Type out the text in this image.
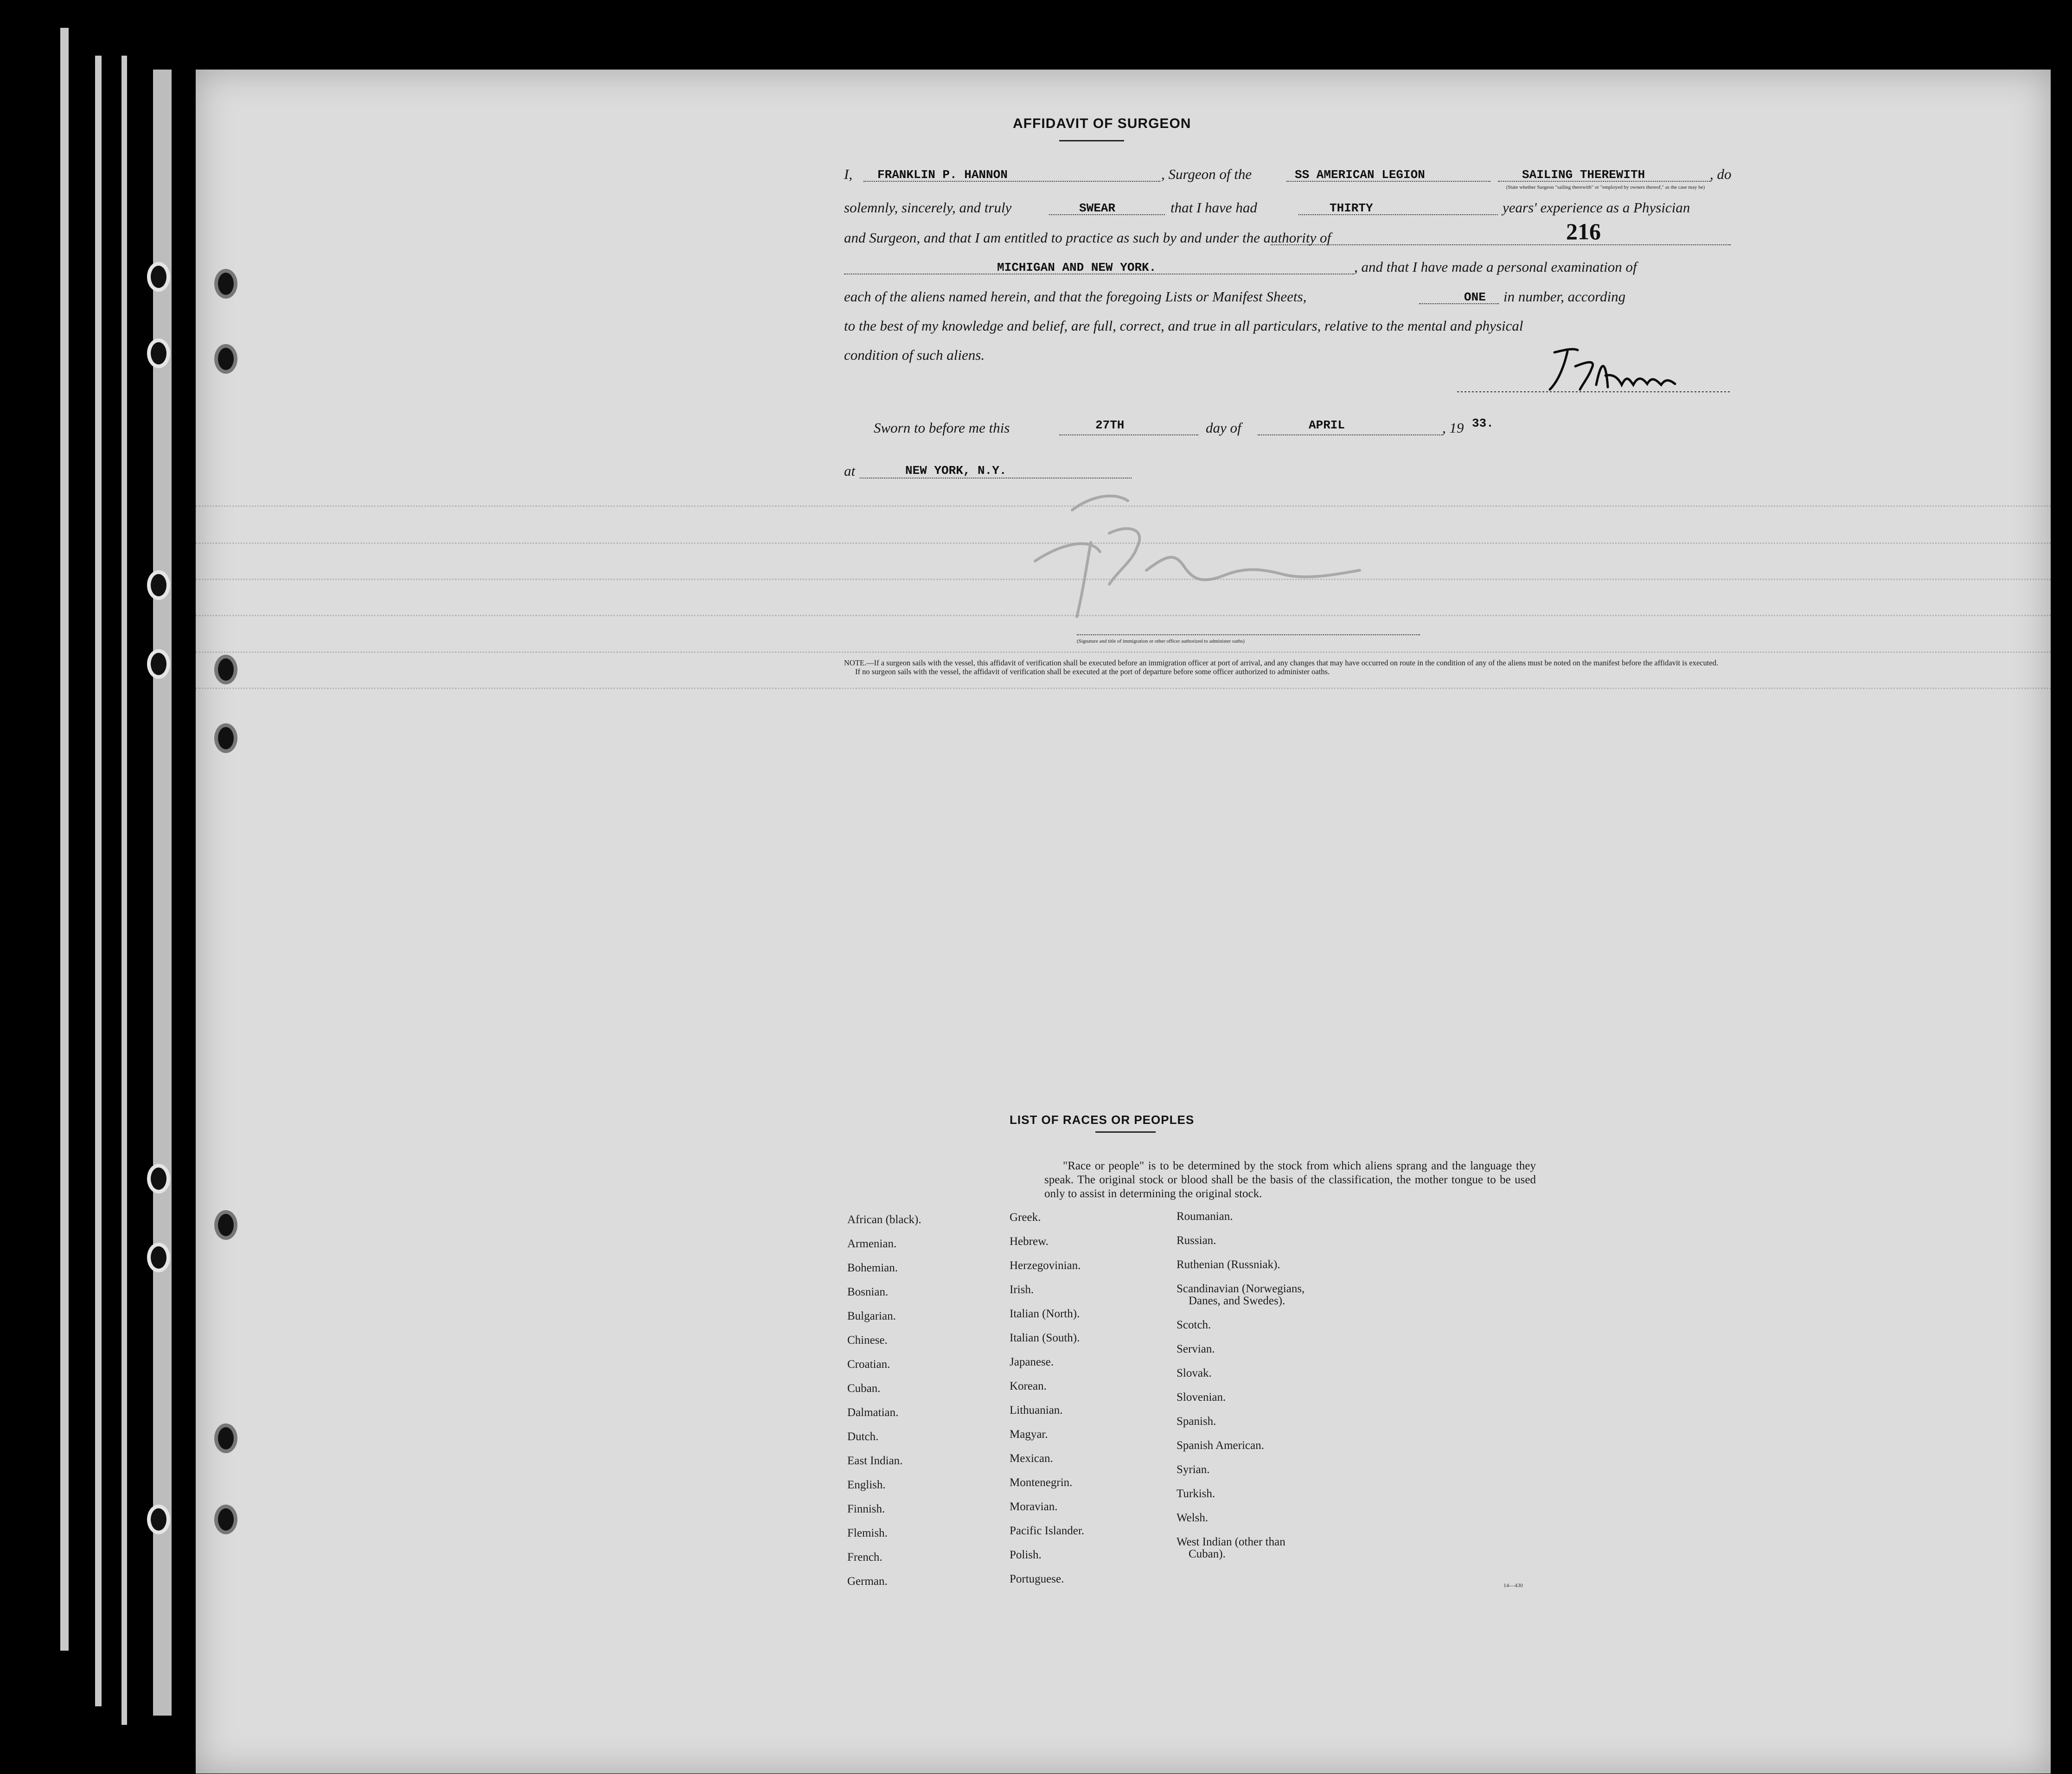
216
AFFIDAVIT OF SURGEON
I, FRANKLIN P. HANNON	, Surgeon of the	SS AMERICAN LEGION	SAILING THEREWITH	, do
(State whether Surgeon "sailing therewith" or "employed by owners thereof," as the case may be)
solemnly, sincerely, and truly	SWEAR	that I have had	THIRTY	years' experience as a Physician
and Surgeon, and that I am entitled to practice as such by and under the authority of
MICHIGAN AND NEW YORK.	, and that I have made a personal examination of
each of the aliens named herein, and that the foregoing Lists or Manifest Sheets,	ONE in number, according
to the best of my knowledge and belief, are full, correct, and true in all particulars, relative to the mental and physical
condition of such aliens.
Sworn to before me this	27TH	day of	APRIL	, 19 33.
at	NEW YORK, N.Y.
(Signature and title of immigration or other officer authorized to administer oaths)

NOTE.—If a surgeon sails with the vessel, this affidavit of verification shall be executed before an immigration officer at port of arrival, and any changes that may have occurred on route in the condition of any of the aliens must be noted on the manifest before the affidavit is executed.

If no surgeon sails with the vessel, the affidavit of verification shall be executed at the port of departure before some officer authorized to administer oaths.

LIST OF RACES OR PEOPLES
"Race or people" is to be determined by the stock from which aliens sprang and the language they speak. The original stock or blood shall be the basis of the classification, the mother tongue to be used only to assist in determining the original stock.
African (black).
Armenian.
Bohemian.
Bosnian.
Bulgarian.
Chinese.
Croatian.
Cuban.
Dalmatian.
Dutch.
East Indian.
English.
Finnish.
Flemish.
French.
German.
Greek.
Hebrew.
Herzegovinian.
Irish.
Italian (North).
Italian (South).
Japanese.
Korean.
Lithuanian.
Magyar.
Mexican.
Montenegrin.
Moravian.
Pacific Islander.
Polish.
Portuguese.
Roumanian.
Russian.
Ruthenian (Russniak).
Scandinavian (Norwegians,
Danes, and Swedes).
Scotch.
Servian.
Slovak.
Slovenian.
Spanish.
Spanish American.
Syrian.
Turkish.
Welsh.
West Indian (other than
Cuban).
14—430
